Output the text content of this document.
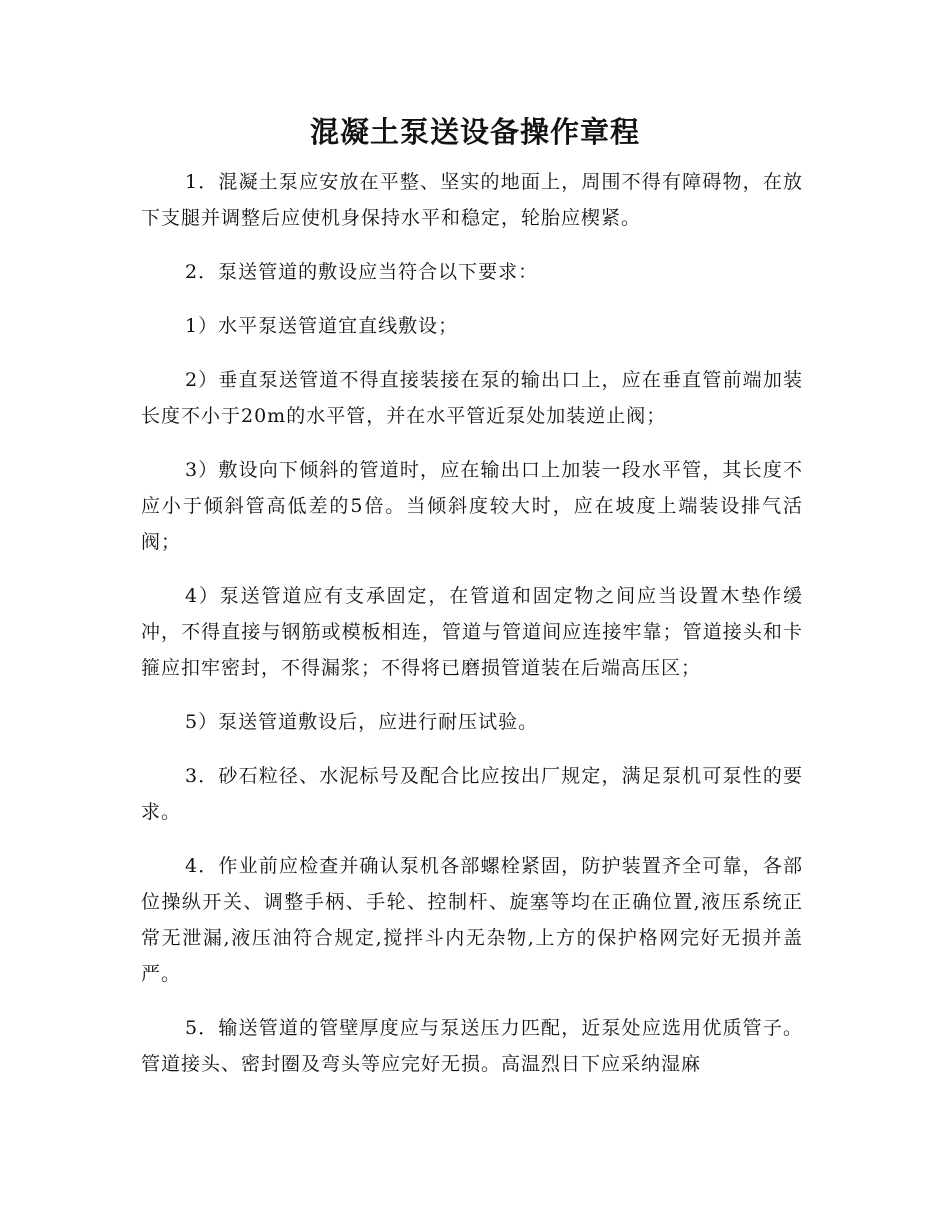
混凝土泵送设备操作章程

1．混凝土泵应安放在平整、坚实的地面上，周围不得有障碍物，在放下支腿并调整后应使机身保持水平和稳定，轮胎应楔紧。

2．泵送管道的敷设应当符合以下要求：

1）水平泵送管道宜直线敷设；

2）垂直泵送管道不得直接装接在泵的输出口上，应在垂直管前端加装长度不小于20m的水平管，并在水平管近泵处加装逆止阀；

3）敷设向下倾斜的管道时，应在输出口上加装一段水平管，其长度不应小于倾斜管高低差的5倍。当倾斜度较大时，应在坡度上端装设排气活阀；

4）泵送管道应有支承固定，在管道和固定物之间应当设置木垫作缓冲，不得直接与钢筋或模板相连，管道与管道间应连接牢靠；管道接头和卡箍应扣牢密封，不得漏浆；不得将已磨损管道装在后端高压区；

5）泵送管道敷设后，应进行耐压试验。

3．砂石粒径、水泥标号及配合比应按出厂规定，满足泵机可泵性的要求。

4．作业前应检查并确认泵机各部螺栓紧固，防护装置齐全可靠，各部位操纵开关、调整手柄、手轮、控制杆、旋塞等均在正确位置,液压系统正常无泄漏,液压油符合规定,搅拌斗内无杂物,上方的保护格网完好无损并盖严。

5．输送管道的管壁厚度应与泵送压力匹配，近泵处应选用优质管子。管道接头、密封圈及弯头等应完好无损。高温烈日下应采纳湿麻
